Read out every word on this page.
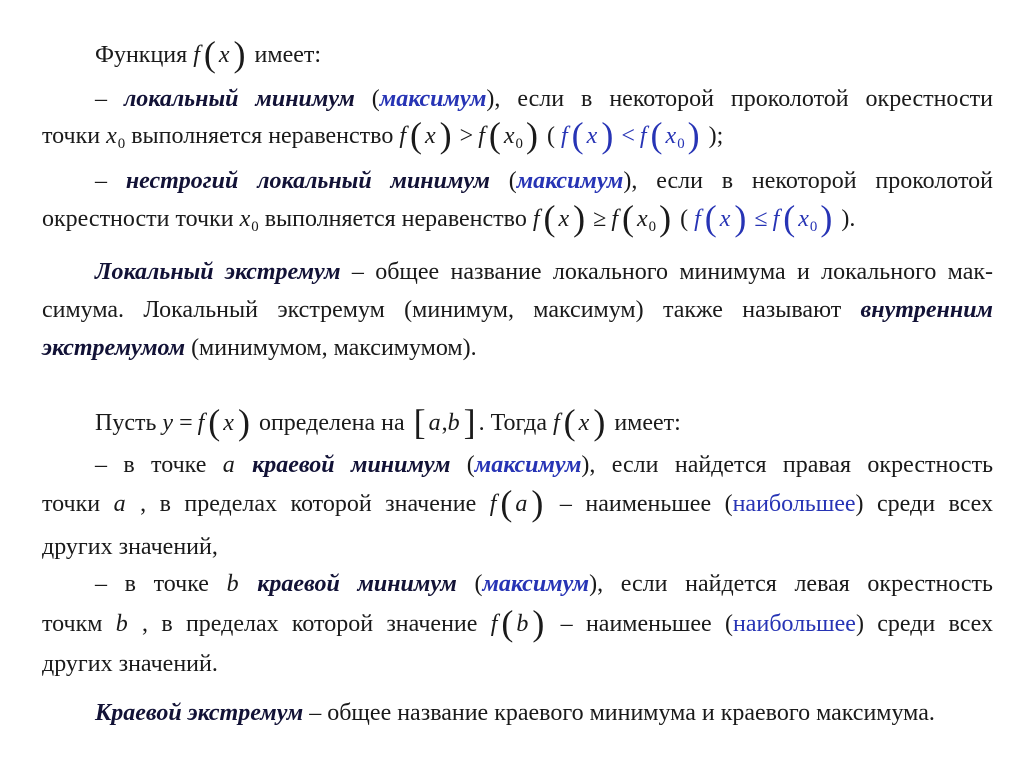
Функция f ( x ) имеет:
– локальный минимум (максимум), если в некоторой проколотой окрестности
точки $x_0$ выполняется неравенство f ( x ) > f ( $x_0$) ( f ( x ) < f ( $x_0$) );
– нестрогий локальный минимум (максимум), если в некоторой проколотой
окрестности точки $x_0$ выполняется неравенство f ( x ) ≥ f ( $x_0$) ( f ( x ) ≤ f ( $x_0$) ).
Локальный экстремум – общее название локального минимума и локального мак-
симума. Локальный экстремум (минимум, максимум) также называют внутренним
экстремумом (минимумом, максимумом).
Пусть y = f ( x ) определена на [ a,b ] . Тогда f ( x ) имеет:
– в точке a краевой минимум (максимум), если найдется правая окрестность
точки a , в пределах которой значение f ( a ) – наименьшее (наибольшее) среди всех
других значений,
– в точке b краевой минимум (максимум), если найдется левая окрестность
точкм b , в пределах которой значение f ( b ) – наименьшее (наибольшее) среди всех
других значений.
Краевой экстремум – общее название краевого минимума и краевого максимума.
